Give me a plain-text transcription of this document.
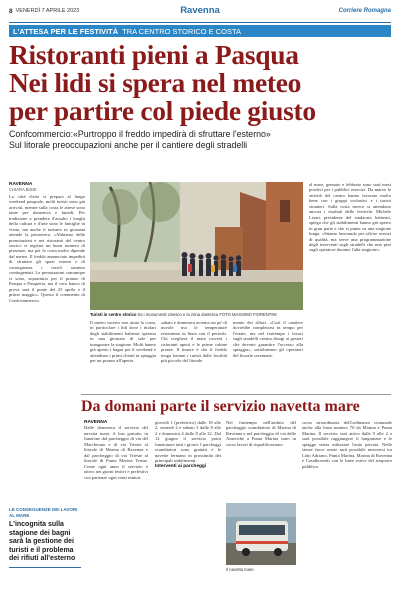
8 VENERDÌ 7 APRILE 2023	Ravenna	Corriere Romagna
L'ATTESA PER LE FESTIVITÀ TRA CENTRO STORICO E COSTA
Ristoranti pieni a Pasqua
Nei lidi si spera nel meteo
per partire col piede giusto
Confcommercio:«Purtroppo il freddo impedirà di sfruttare l'esterno»
Sul litorale preoccupazioni anche per il cantiere degli stradelli
RAVENNA
CHIARA BISSI
La città d'arte si prepara al lungo weekend pasquale, molti turisti sono già arrivati, mentre sulla costa le attese sono tante per domenica e lunedì. Per tradizione a prendere d'assalto i luoghi della cultura e d'arte sono le famiglie in visita, ma anche il turismo in giornata attende la primavera. «Abbiamo delle prenotazioni e nei ristoranti del centro storico si registra un buon numero di presenze, ma per la costa molto dipende dal meteo. Il freddo annunciato impedirà di sfruttare gli spazi esterni e di conseguenza i tavoli saranno contingentati. Le prenotazioni comunque ci sono, soprattutto per il pranzo di Pasqua e Pasquetta, ma il vero banco di prova sarà il ponte del 25 aprile e il primo maggio». Questo il commento di Confcommercio.
Turisti in centro storico tra i monumenti Unesco e la zona dantesca FOTO MASSIMO FIORENTINI
Il meteo incerto non aiuta la costa, in particolare i lidi dove i titolari degli stabilimenti balneari sperano in una giornata di sole per inaugurare la stagione. Molti hanno già aperto i bagni per il weekend e attendono i primi clienti in spiaggia per un pranzo all'aperto.
sabato e domenica avremo un po' di nuvole ma le temperature resteranno in linea con il periodo. Chi sceglierà il mare troverà i ristoranti aperti e le prime cabine pronte. Il timore è che il freddo tenga lontani i turisti dalle località più piccole del litorale.
mento dei rifiuti. «Così il cantiere dovrebbe completarsi in tempo per l'estate, ma nel frattempo i lavori sugli stradelli creano disagi ai gestori che devono garantire l'accesso alla spiaggia», sottolineano gli operatori del litorale ravennate.
al mare, gennaio e febbraio sono stati mesi positivi per i pubblici esercizi. Da marzo le attività del centro hanno lavorato molto bene con i gruppi scolastici e i turisti stranieri. Sulla costa invece si attendono ancora i risultati delle festività. Michele Leoni, presidente del sindacato balneari, spiega che gli stabilimenti hanno già aperto in gran parte e che si punta su una stagione lunga. «Stiamo lavorando per offrire servizi di qualità, ma serve una programmazione degli interventi sugli stradelli che non pesi sugli operatori durante l'alta stagione».
Da domani parte il servizio navetta mare
LE CONSEGUENZE DEI LAVORI AL MARE
L'incognita sulla stagione dei bagni sarà la gestione dei turisti e il problema dei rifiuti all'esterno
RAVENNA
Dalle domenica il servizio del navetta mare, il bus gratuito in funzione dal parcheggio di via del Marchesato e di via Trieste al litorale di Marina di Ravenna e dal parcheggio di via Trieste al litorale di Punta Marina Terme. Come ogni anno il servizio è attivo nei giorni festivi e prefestivi con partenze ogni venti minuti.
giovedì 1 (prefestivo) dalle 18 alle 2, venerdì 2 e sabato 3 dalle 8 alle 2 e domenica 4 dalle 8 alle 22. Dal 12 giugno il servizio potrà funzionare tutti i giorni. I parcheggi scambiatori sono gratuiti e le navette fermano in prossimità dei principali stabilimenti.
Interventi ai parcheggi
Nel frattempo nell'ambito del parcheggio scambiatore di Marina di Ravenna e nel parcheggio di via delle Americhe a Punta Marina sono in corso lavori di riqualificazione.
Il navetta mare
corsa straordinaria dell'ordinanza comunale anche alla linea numero 70 da Marina e Punta Marina. Il servizio sarà attivo dalle 9 alle 2 e sarà possibile raggiungere il lungomare e le spiagge senza utilizzare l'auto privata. Nelle stesse fasce orarie sarà possibile muoversi tra Lido Adriano, Punta Marina, Marina di Ravenna e Casalborsetti con le linee estive del trasporto pubblico.
